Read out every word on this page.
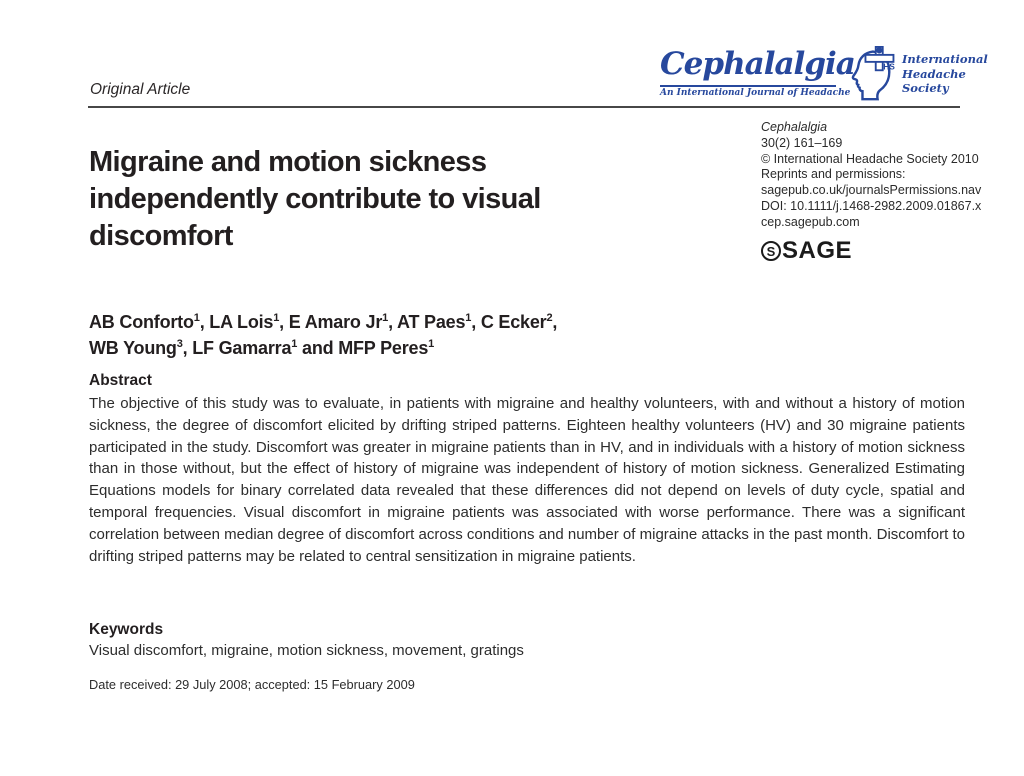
Original Article
Cephalalgia
An International Journal of Headache
HS
International
Headache
Society
Cephalalgia
30(2) 161–169
© International Headache Society 2010
Reprints and permissions:
sagepub.co.uk/journalsPermissions.nav
DOI: 10.1111/j.1468-2982.2009.01867.x
cep.sagepub.com
S SAGE
Migraine and motion sickness
independently contribute to visual
discomfort
AB Conforto$^1$, LA Lois$^1$, E Amaro Jr$^1$, AT Paes$^1$, C Ecker$^2$,
WB Young$^3$, LF Gamarra$^1$ and MFP Peres$^1$
Abstract
The objective of this study was to evaluate, in patients with migraine and healthy volunteers, with and without a history of motion sickness, the degree of discomfort elicited by drifting striped patterns. Eighteen healthy volunteers (HV) and 30 migraine patients participated in the study. Discomfort was greater in migraine patients than in HV, and in individuals with a history of motion sickness than in those without, but the effect of history of migraine was independent of history of motion sickness. Generalized Estimating Equations models for binary correlated data revealed that these differences did not depend on levels of duty cycle, spatial and temporal frequencies. Visual discomfort in migraine patients was associated with worse performance. There was a significant correlation between median degree of discomfort across conditions and number of migraine attacks in the past month. Discomfort to drifting striped patterns may be related to central sensitization in migraine patients.
Keywords
Visual discomfort, migraine, motion sickness, movement, gratings
Date received: 29 July 2008; accepted: 15 February 2009
